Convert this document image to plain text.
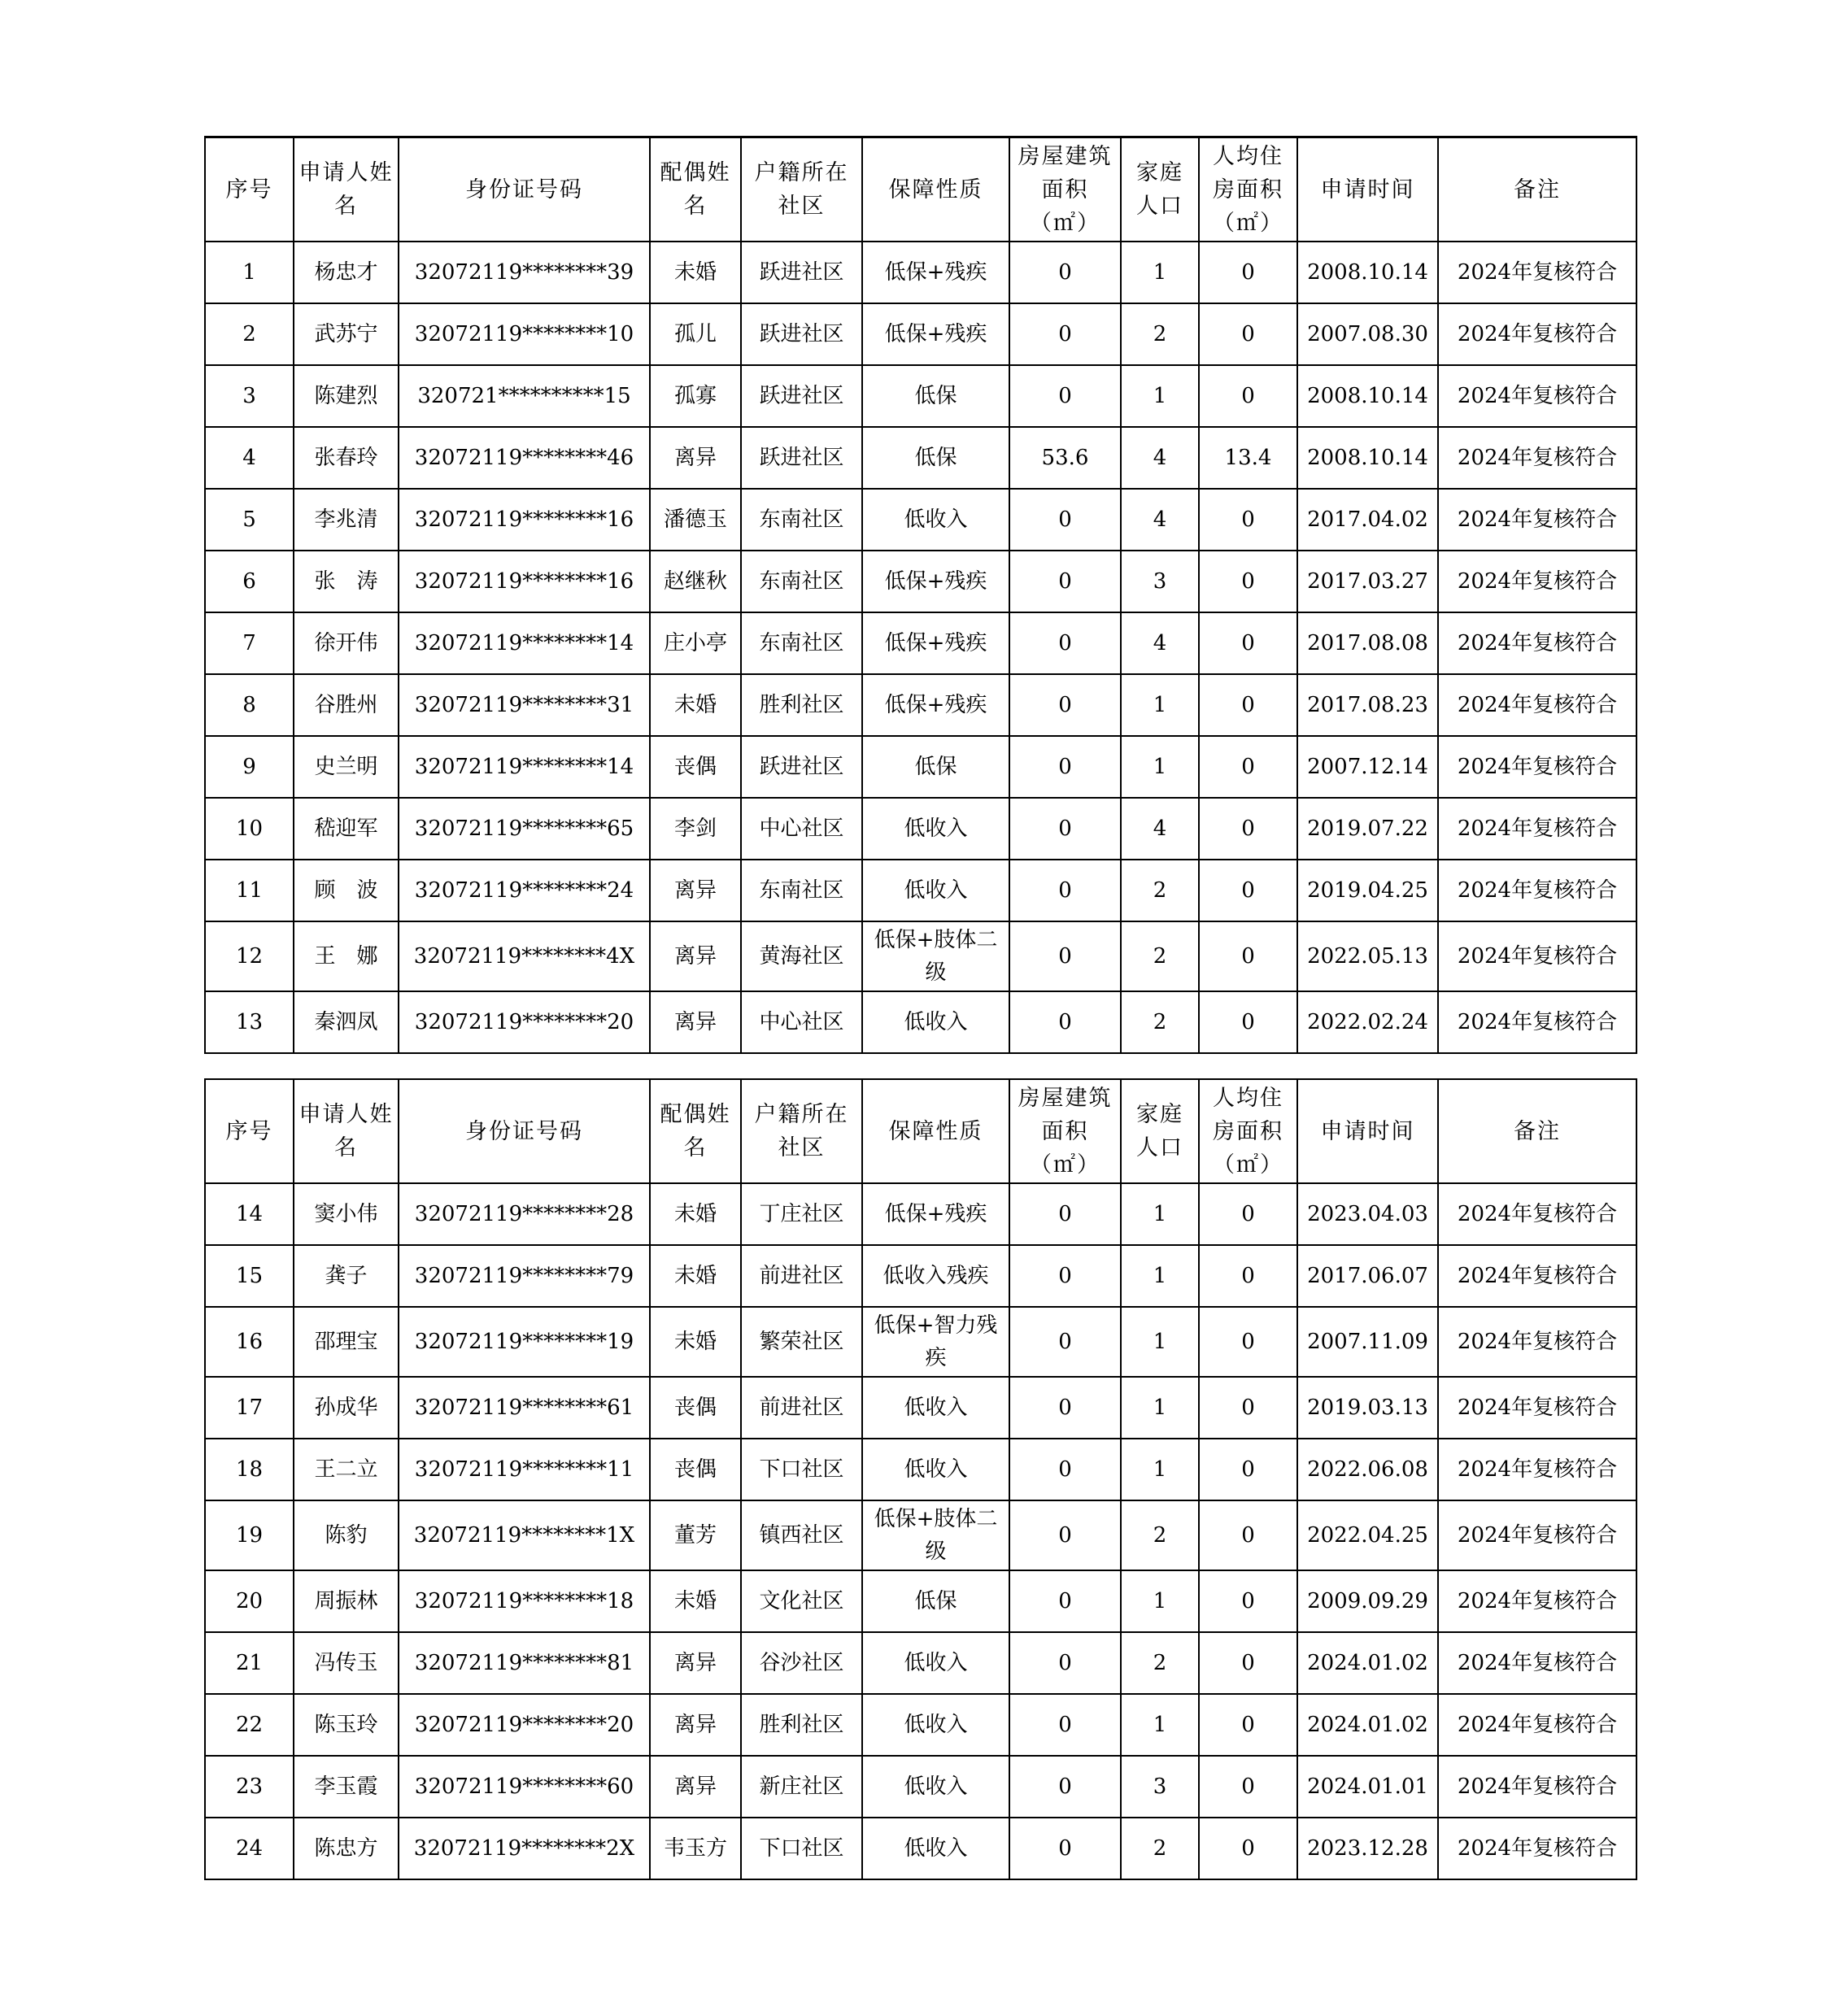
序号	申请人姓名	身份证号码	配偶姓名	户籍所在社区	保障性质	房屋建筑面积（㎡）	家庭人口	人均住房面积（㎡）	申请时间	备注
1	杨忠才	32072119********39	未婚	跃进社区	低保+残疾	0	1	0	2008.10.14	2024年复核符合
2	武苏宁	32072119********10	孤儿	跃进社区	低保+残疾	0	2	0	2007.08.30	2024年复核符合
3	陈建烈	320721**********15	孤寡	跃进社区	低保	0	1	0	2008.10.14	2024年复核符合
4	张春玲	32072119********46	离异	跃进社区	低保	53.6	4	13.4	2008.10.14	2024年复核符合
5	李兆清	32072119********16	潘德玉	东南社区	低收入	0	4	0	2017.04.02	2024年复核符合
6	张　涛	32072119********16	赵继秋	东南社区	低保+残疾	0	3	0	2017.03.27	2024年复核符合
7	徐开伟	32072119********14	庄小亭	东南社区	低保+残疾	0	4	0	2017.08.08	2024年复核符合
8	谷胜州	32072119********31	未婚	胜利社区	低保+残疾	0	1	0	2017.08.23	2024年复核符合
9	史兰明	32072119********14	丧偶	跃进社区	低保	0	1	0	2007.12.14	2024年复核符合
10	嵇迎军	32072119********65	李剑	中心社区	低收入	0	4	0	2019.07.22	2024年复核符合
11	顾　波	32072119********24	离异	东南社区	低收入	0	2	0	2019.04.25	2024年复核符合
12	王　娜	32072119********4X	离异	黄海社区	低保+肢体二级	0	2	0	2022.05.13	2024年复核符合
13	秦泗凤	32072119********20	离异	中心社区	低收入	0	2	0	2022.02.24	2024年复核符合
序号	申请人姓名	身份证号码	配偶姓名	户籍所在社区	保障性质	房屋建筑面积（㎡）	家庭人口	人均住房面积（㎡）	申请时间	备注
14	窦小伟	32072119********28	未婚	丁庄社区	低保+残疾	0	1	0	2023.04.03	2024年复核符合
15	龚子	32072119********79	未婚	前进社区	低收入残疾	0	1	0	2017.06.07	2024年复核符合
16	邵理宝	32072119********19	未婚	繁荣社区	低保+智力残疾	0	1	0	2007.11.09	2024年复核符合
17	孙成华	32072119********61	丧偶	前进社区	低收入	0	1	0	2019.03.13	2024年复核符合
18	王二立	32072119********11	丧偶	下口社区	低收入	0	1	0	2022.06.08	2024年复核符合
19	陈豹	32072119********1X	董芳	镇西社区	低保+肢体二级	0	2	0	2022.04.25	2024年复核符合
20	周振林	32072119********18	未婚	文化社区	低保	0	1	0	2009.09.29	2024年复核符合
21	冯传玉	32072119********81	离异	谷沙社区	低收入	0	2	0	2024.01.02	2024年复核符合
22	陈玉玲	32072119********20	离异	胜利社区	低收入	0	1	0	2024.01.02	2024年复核符合
23	李玉霞	32072119********60	离异	新庄社区	低收入	0	3	0	2024.01.01	2024年复核符合
24	陈忠方	32072119********2X	韦玉方	下口社区	低收入	0	2	0	2023.12.28	2024年复核符合
